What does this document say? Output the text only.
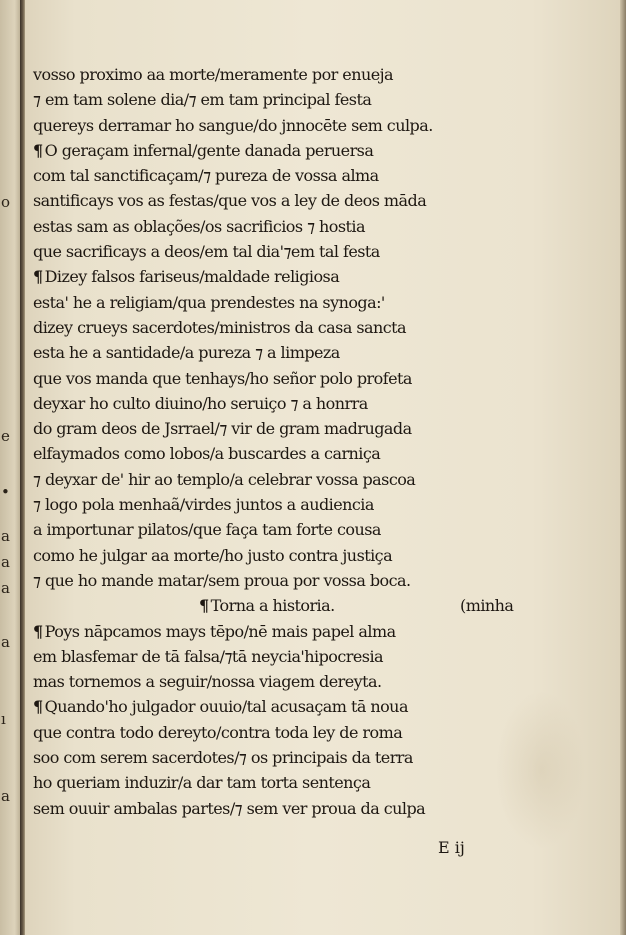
o
e
•
a
a
a
a
ı
a
vosso proximo aa morte/meramente por enueja
⁊ em tam solene dia/⁊ em tam principal festa
quereys derramar ho sangue/do jnnocēte sem culpa.
¶ O geraçam infernal/gente danada peruersa
com tal sanctificaçam/⁊ pureza de vossa alma
santificays vos as festas/que vos a ley de deos māda
estas sam as oblações/os sacrificios ⁊ hostia
que sacrificays a deos/em tal dia'⁊em tal festa
¶ Dizey falsos fariseus/maldade religiosa
esta' he a religiam/qua prendestes na synoga:'
dizey crueys sacerdotes/ministros da casa sancta
esta he a santidade/a pureza ⁊ a limpeza
que vos manda que tenhays/ho señor polo profeta
deyxar ho culto diuino/ho seruiço ⁊ a honrra
do gram deos de Jsrrael/⁊ vir de gram madrugada
elfaymados como lobos/a buscardes a carniça
⁊ deyxar de' hir ao templo/a celebrar vossa pascoa
⁊ logo pola menhaã/virdes juntos a audiencia
a importunar pilatos/que faça tam forte cousa
como he julgar aa morte/ho justo contra justiça
⁊ que ho mande matar/sem proua por vossa boca.
¶ Torna a historia.	(minha
¶ Poys nāpcamos mays tēpo/nē mais papel alma
em blasfemar de tā falsa/⁊tā neycia'hipocresia
mas tornemos a seguir/nossa viagem dereyta.
¶ Quando'ho julgador ouuio/tal acusaçam tā noua
que contra todo dereyto/contra toda ley de roma
soo com serem sacerdotes/⁊ os principais da terra
ho queriam induzir/a dar tam torta sentença
sem ouuir ambalas partes/⁊ sem ver proua da culpa
E ij
